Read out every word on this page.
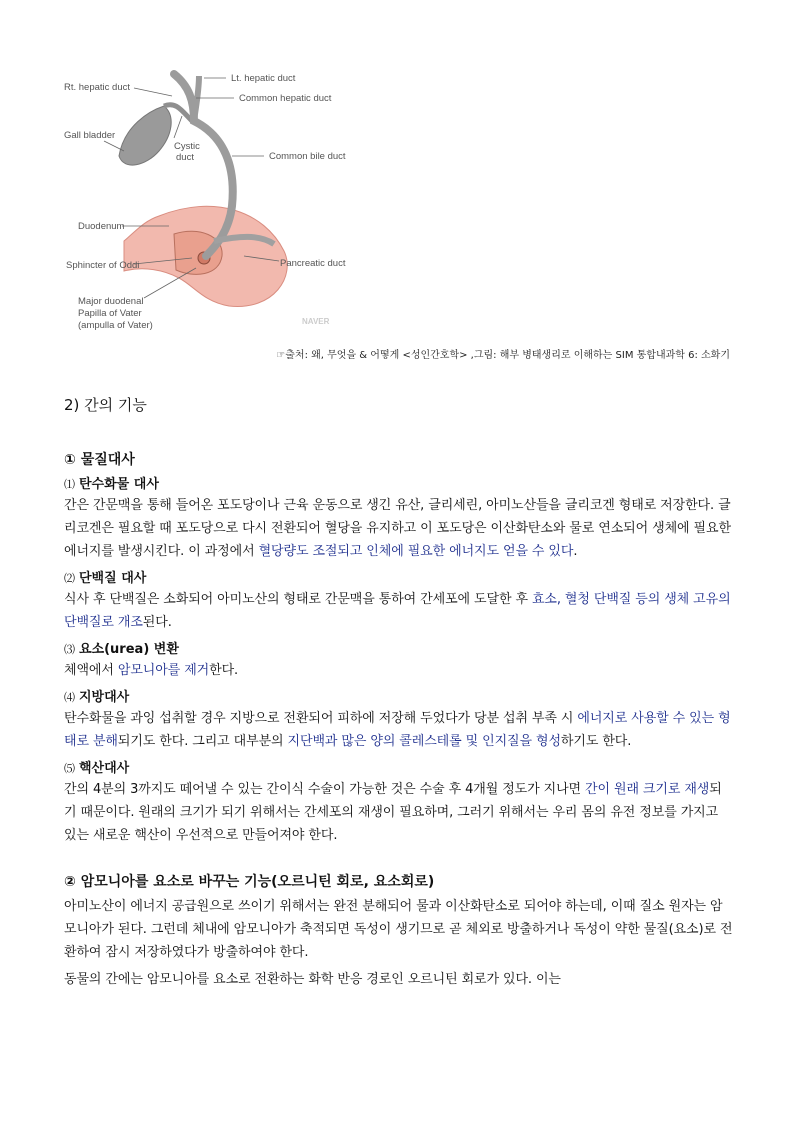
Rt. hepatic duct
Lt. hepatic duct
Common hepatic duct
Gall bladder
Cystic
duct	Common bile duct
Duodenum
Sphincter of Oddi	Pancreatic duct
Major duodenal
Papilla of Vater
(ampulla of Vater)	NAVER
☞출처: 왜, 무엇을 & 어떻게 <성인간호학> ,그림: 해부 병태생리로 이해하는 SIM 통합내과학 6: 소화기
2) 간의 기능
① 물질대사
⑴ 탄수화물 대사

간은 간문맥을 통해 들어온 포도당이나 근육 운동으로 생긴 유산, 글리세린, 아미노산들을 글리코겐 형태로 저장한다. 글리코겐은 필요할 때 포도당으로 다시 전환되어 혈당을 유지하고 이 포도당은 이산화탄소와 물로 연소되어 생체에 필요한 에너지를 발생시킨다. 이 과정에서 혈당량도 조절되고 인체에 필요한 에너지도 얻을 수 있다.

⑵ 단백질 대사

식사 후 단백질은 소화되어 아미노산의 형태로 간문맥을 통하여 간세포에 도달한 후 효소, 혈청 단백질 등의 생체 고유의 단백질로 개조된다.

⑶ 요소(urea) 변환

체액에서 암모니아를 제거한다.

⑷ 지방대사

탄수화물을 과잉 섭취할 경우 지방으로 전환되어 피하에 저장해 두었다가 당분 섭취 부족 시 에너지로 사용할 수 있는 형태로 분해되기도 한다. 그리고 대부분의 지단백과 많은 양의 콜레스테롤 및 인지질을 형성하기도 한다.

⑸ 핵산대사

간의 4분의 3까지도 떼어낼 수 있는 간이식 수술이 가능한 것은 수술 후 4개월 정도가 지나면 간이 원래 크기로 재생되기 때문이다. 원래의 크기가 되기 위해서는 간세포의 재생이 필요하며, 그러기 위해서는 우리 몸의 유전 정보를 가지고 있는 새로운 핵산이 우선적으로 만들어져야 한다.

② 암모니아를 요소로 바꾸는 기능(오르니틴 회로, 요소회로)

아미노산이 에너지 공급원으로 쓰이기 위해서는 완전 분해되어 물과 이산화탄소로 되어야 하는데, 이때 질소 원자는 암모니아가 된다. 그런데 체내에 암모니아가 축적되면 독성이 생기므로 곧 체외로 방출하거나 독성이 약한 물질(요소)로 전환하여 잠시 저장하였다가 방출하여야 한다.

동물의 간에는 암모니아를 요소로 전환하는 화학 반응 경로인 오르니틴 회로가 있다. 이는
